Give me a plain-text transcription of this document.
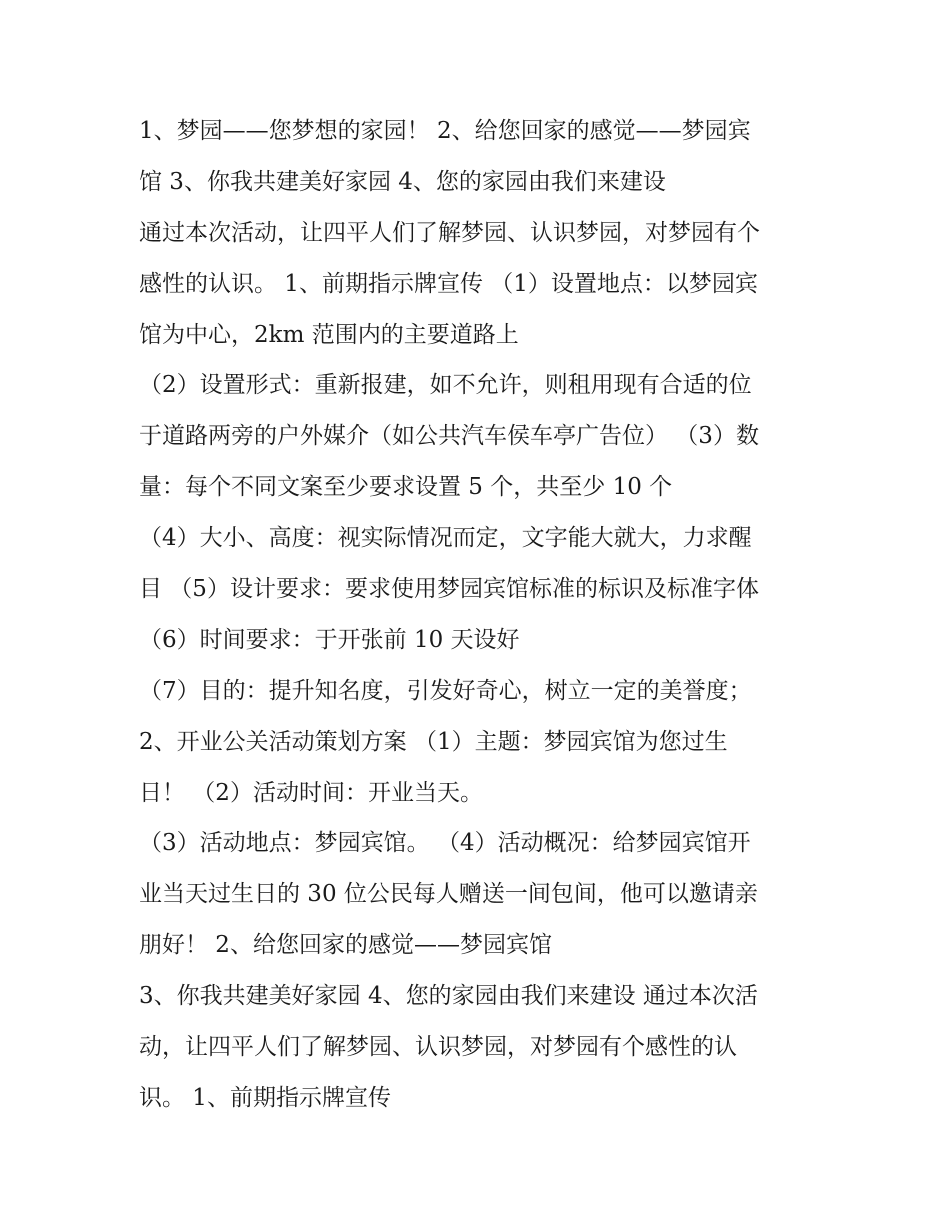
1、梦园——您梦想的家园！ 2、给您回家的感觉——梦园宾
馆 3、你我共建美好家园 4、您的家园由我们来建设
通过本次活动，让四平人们了解梦园、认识梦园，对梦园有个
感性的认识。 1、前期指示牌宣传 （1）设置地点：以梦园宾
馆为中心，2km 范围内的主要道路上
（2）设置形式：重新报建，如不允许，则租用现有合适的位
于道路两旁的户外媒介（如公共汽车侯车亭广告位） （3）数
量：每个不同文案至少要求设置 5 个，共至少 10 个
（4）大小、高度：视实际情况而定，文字能大就大，力求醒
目 （5）设计要求：要求使用梦园宾馆标准的标识及标准字体
（6）时间要求：于开张前 10 天设好
（7）目的：提升知名度，引发好奇心，树立一定的美誉度；
2、开业公关活动策划方案 （1）主题：梦园宾馆为您过生
日！ （2）活动时间：开业当天。
（3）活动地点：梦园宾馆。 （4）活动概况：给梦园宾馆开
业当天过生日的 30 位公民每人赠送一间包间，他可以邀请亲
朋好！ 2、给您回家的感觉——梦园宾馆
3、你我共建美好家园 4、您的家园由我们来建设 通过本次活
动，让四平人们了解梦园、认识梦园，对梦园有个感性的认
识。 1、前期指示牌宣传
